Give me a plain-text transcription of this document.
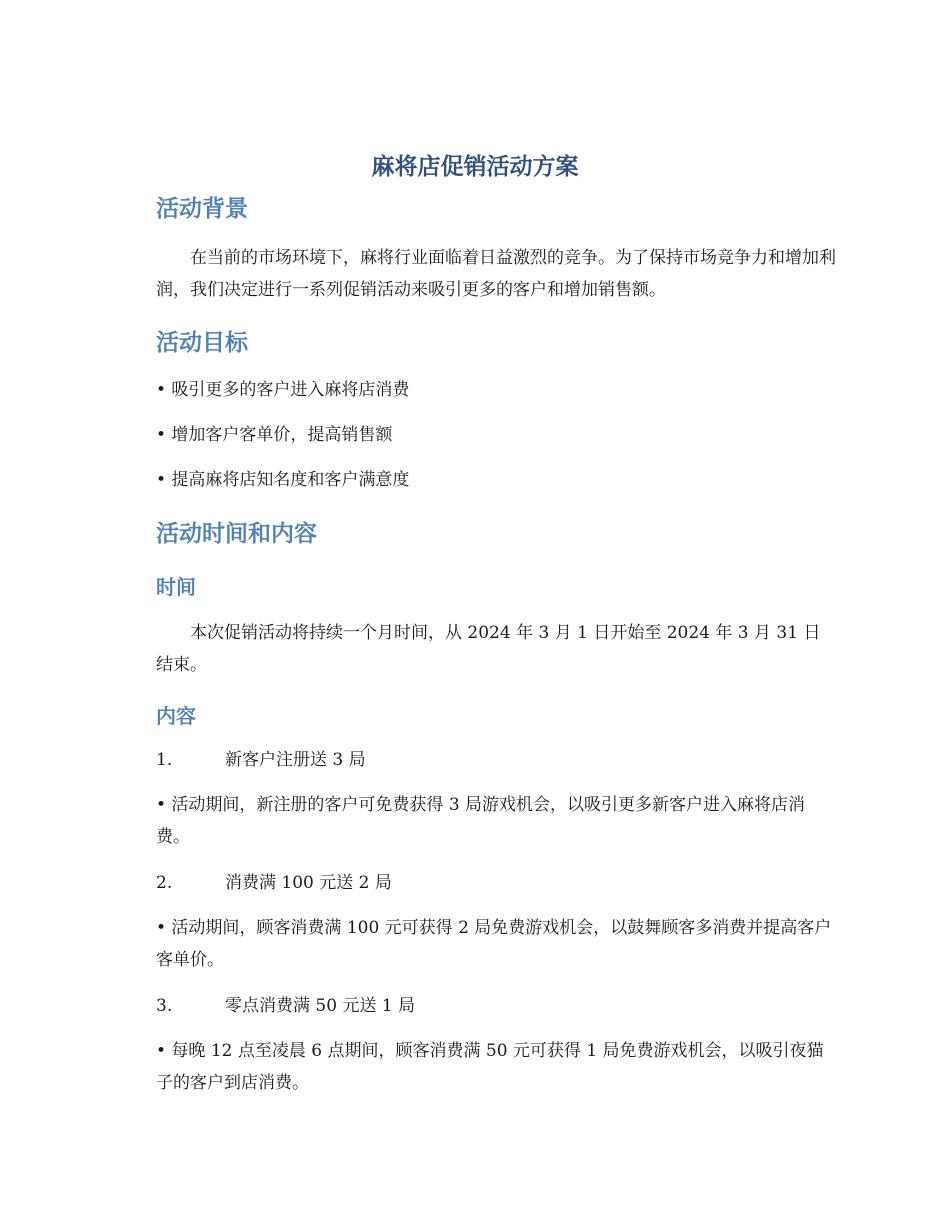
麻将店促销活动方案
活动背景

　　在当前的市场环境下，麻将行业面临着日益激烈的竞争。为了保持市场竞争力和增加利润，我们决定进行一系列促销活动来吸引更多的客户和增加销售额。

活动目标

• 吸引更多的客户进入麻将店消费

• 增加客户客单价，提高销售额

• 提高麻将店知名度和客户满意度

活动时间和内容
时间

　　本次促销活动将持续一个月时间，从 2024 年 3 月 1 日开始至 2024 年 3 月 31 日结束。

内容
1.	新客户注册送 3 局

• 活动期间，新注册的客户可免费获得 3 局游戏机会，以吸引更多新客户进入麻将店消费。

2.	消费满 100 元送 2 局

• 活动期间，顾客消费满 100 元可获得 2 局免费游戏机会，以鼓舞顾客多消费并提高客户客单价。

3.	零点消费满 50 元送 1 局

• 每晚 12 点至凌晨 6 点期间，顾客消费满 50 元可获得 1 局免费游戏机会，以吸引夜猫子的客户到店消费。
